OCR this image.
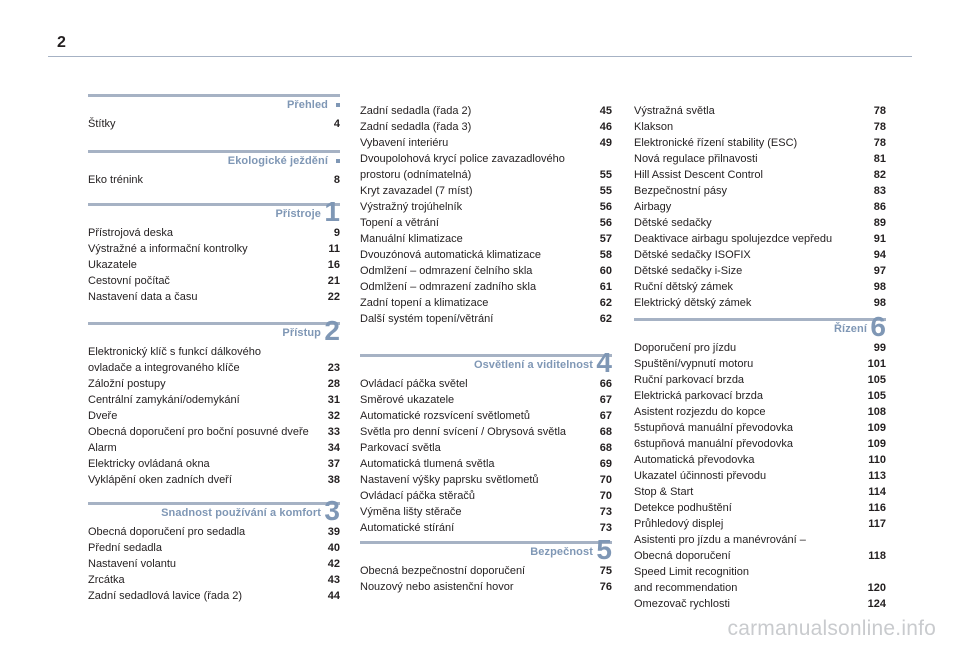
2
Přehled
Štítky	4
Ekologické ježdění
Eko trénink	8
Přístroje 1
Přístrojová deska	9
Výstražné a informační kontrolky	11
Ukazatele	16
Cestovní počítač	21
Nastavení data a času	22
Přístup 2
Elektronický klíč s funkcí dálkového
ovladače a integrovaného klíče	23
Záložní postupy	28
Centrální zamykání/odemykání	31
Dveře	32
Obecná doporučení pro boční posuvné dveře	33
Alarm	34
Elektricky ovládaná okna	37
Vyklápění oken zadních dveří	38
Snadnost používání a komfort 3
Obecná doporučení pro sedadla	39
Přední sedadla	40
Nastavení volantu	42
Zrcátka	43
Zadní sedadlová lavice (řada 2)	44
Zadní sedadla (řada 2)	45
Zadní sedadla (řada 3)	46
Vybavení interiéru	49
Dvoupolohová krycí police zavazadlového
prostoru (odnímatelná)	55
Kryt zavazadel (7 míst)	55
Výstražný trojúhelník	56
Topení a větrání	56
Manuální klimatizace	57
Dvouzónová automatická klimatizace	58
Odmlžení – odmrazení čelního skla	60
Odmlžení – odmrazení zadního skla	61
Zadní topení a klimatizace	62
Další systém topení/větrání	62
Osvětlení a viditelnost 4
Ovládací páčka světel	66
Směrové ukazatele	67
Automatické rozsvícení světlometů	67
Světla pro denní svícení / Obrysová světla	68
Parkovací světla	68
Automatická tlumená světla	69
Nastavení výšky paprsku světlometů	70
Ovládací páčka stěračů	70
Výměna lišty stěrače	73
Automatické stírání	73
Bezpečnost 5
Obecná bezpečnostní doporučení	75
Nouzový nebo asistenční hovor	76
Výstražná světla	78
Klakson	78
Elektronické řízení stability (ESC)	78
Nová regulace přilnavosti	81
Hill Assist Descent Control	82
Bezpečnostní pásy	83
Airbagy	86
Dětské sedačky	89
Deaktivace airbagu spolujezdce vepředu	91
Dětské sedačky ISOFIX	94
Dětské sedačky i-Size	97
Ruční dětský zámek	98
Elektrický dětský zámek	98
Řízení 6
Doporučení pro jízdu	99
Spuštění/vypnutí motoru	101
Ruční parkovací brzda	105
Elektrická parkovací brzda	105
Asistent rozjezdu do kopce	108
5stupňová manuální převodovka	109
6stupňová manuální převodovka	109
Automatická převodovka	110
Ukazatel účinnosti převodu	113
Stop & Start	114
Detekce podhuštění	116
Průhledový displej	117
Asistenti pro jízdu a manévrování –
Obecná doporučení	118
Speed Limit recognition
and recommendation	120
Omezovač rychlosti	124
carmanualsonline.info
